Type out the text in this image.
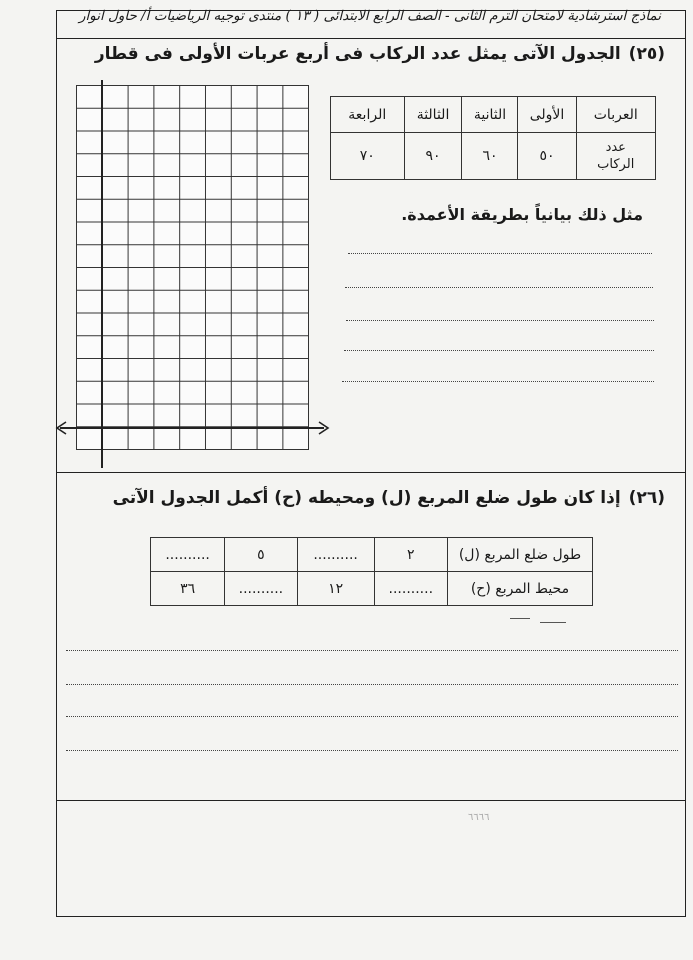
نماذج استرشادية لامتحان الترم الثانى - الصف الرابع الابتدائى ( ١٣ ) منتدى توجيه الرياضيات أ/ حاول انوار
(٢٥)الجدول الآتى يمثل عدد الركاب فى أربع عربات الأولى فى قطار
العربات	الأولى	الثانية	الثالثة	الرابعة
عدد
الركاب	٥٠	٦٠	٩٠	٧٠
مثل ذلك بيانياً بطريقة الأعمدة.
(٢٦)إذا كان طول ضلع المربع (ل) ومحيطه (ح) أكمل الجدول الآتى
طول ضلع المربع (ل)	٢	..........	٥	..........
محيط المربع (ح)	..........	١٢	..........	٣٦
٦٦٦٦
